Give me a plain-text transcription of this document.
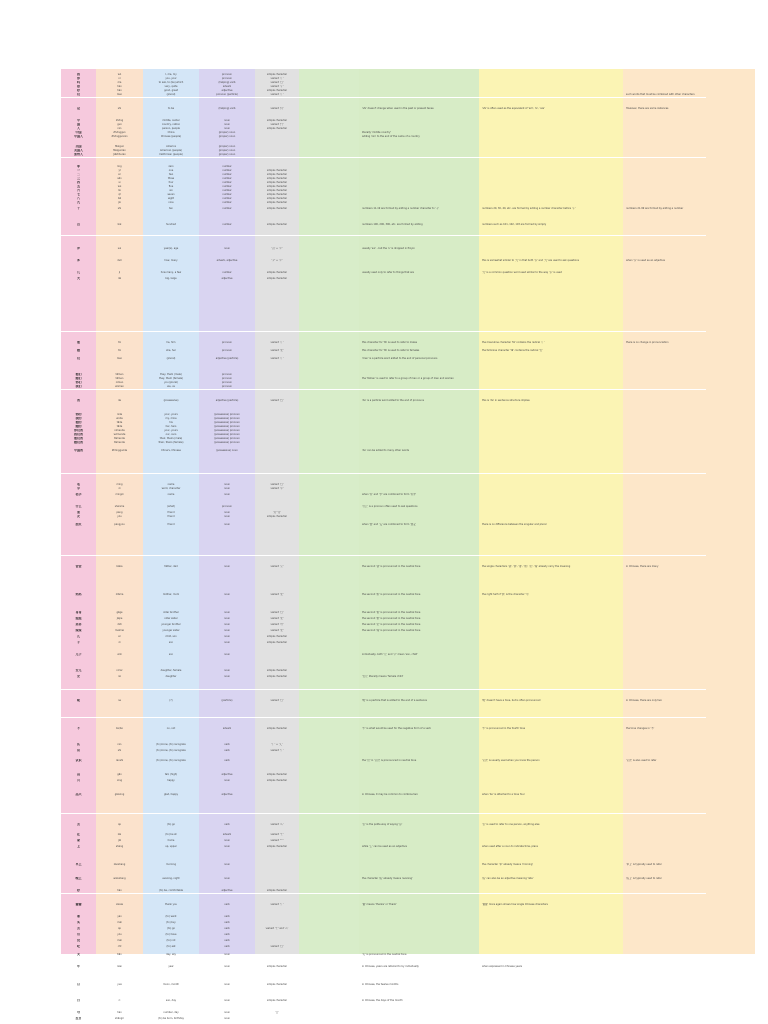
我	wǒ	I, me, my	pronoun	simple character
你	nǐ	you, your	pronoun	variant '亻'
吗	ma	to ask, to (be) which	(helping) verb	variant '口'
很	hěn	very, quite	adverb	variant '彳'
好	hǎo	good, great	adjective	simple character
们	men	(plural)	pronoun (particle)	variant '亻'	such words that must be combined with other characters
是	shì	to be	(helping) verb	variant '日'	'shì' doesn't change when used in the past or present tense	'shì' is often used as the equivalent of 'am', 'is', 'are'	However, there are some instances
中	zhōng	middle, center	noun	simple character
国	guó	country, nation	noun	variant '囗'
人	rén	person, people	noun	simple character
中国	Zhōngguó	China	(proper) noun	literally 'middle country'
中国人	Zhōngguórén	Chinese (people)	(proper) noun	adding 'rén' to the end of the name of a country
美国	Měiguó	America	(proper) noun
美国人	Měiguórén	American (people)	(proper) noun
加州人	Jiāzhōurén	Californian (people)	(proper) noun
零	líng	zero	number
一	yī	one	number	simple character
二	èr	two	number	simple character
三	sān	three	number	simple character
四	sì	four	number	simple character
五	wǔ	five	number	simple character
六	liù	six	number	simple character
七	qī	seven	number	simple character
八	bā	eight	number	simple character
九	jiǔ	nine	number	simple character
十	shí	ten	number	simple character	numbers 11-19 are formed by adding a number character to '十'	numbers 20, 30, 40, etc. are formed by adding a number character before '十'	numbers 21-99 are formed by adding a number
百	bǎi	hundred	number	simple character	numbers 100, 200, 300, etc. are formed by adding	numbers such as 101, 102, 103 are formed by simply
岁	suì	year(s), age	noun	'山' + '夕'	usually 'suì' - but the 'u' is dropped in Pinyin
多	duō	how, many	adverb, adjective	'夕' + '夕'	this is somewhat similar to '几' in that both '多' and '几' are used to ask questions	when '多' is used as an adjective
几	jǐ	how many, a few	number	simple character	usually used only to refer to things that are	'几' is a common question word used similar to the way '多' is used
大	dà	big, large	adjective	simple character
他	tā	he, him	pronoun	variant '亻'	this character for 'tā' is used to refer to males	the masculine character 'tā' contains the radical '亻'	there is no change in pronunciation
她	tā	she, her	pronoun	variant '女'	this character for 'tā' is used to refer to females	the feminine character 'tā' contains the radical '女'
们	men	(plural)	adjective (particle)	variant '亻'	'men' is a particle word added to the end of personal pronouns
他们	tāmen	they, them (male)	pronoun
她们	tāmen	they, them (female)	pronoun	the 'tāmen' is used to refer to a group of men or a group of men and women
你们	nǐmen	you (plural)	pronoun
我们	wǒmen	we, us	pronoun
的	de	(possessive)	adjective (particle)	variant '白'	'de' is a particle word added to the end of pronouns	this is 'de' in sentence structure implies
你的	nǐde	your, yours	(possessive) pronoun
我的	wǒde	my, mine	(possessive) pronoun
他的	tāde	his	(possessive) pronoun
她的	tāde	her, hers	(possessive) pronoun
你们的	nǐmende	your, yours	(possessive) pronoun
我们的	wǒmende	our, ours	(possessive) pronoun
他们的	tāmende	their, theirs (male)	(possessive) pronoun
她们的	tāmende	their, theirs (female)	(possessive) pronoun
中国的	Zhōngguóde	China's, Chinese	(possessive) noun	'de' can be added to many other words
名	míng	name	noun	variant '口'
字	zì	word, character	noun	variant '子'
名字	míngzi	name	noun	when '名' and '字' are combined to form '名字'
什么	shénme	(what)	pronoun	'什么' is a pronoun often used to ask questions
朋	péng	friend	noun	'月' '月'
友	yǒu	friend	noun	simple character
朋友	péngyou	friend	noun	when '朋' and '友' are combined to form '朋友'	there is no difference between the singular and plural
爸爸	bàba	father, dad	noun	variant '父'	the second '爸' is pronounced in the neutral tone	the single characters '爸', '妈', '哥', '姐', '弟', '妹' already carry the meaning	in Chinese, there are many
妈妈	māma	mother, mom	noun	variant '女'	the second '妈' is pronounced in the neutral tone	the right half of '妈' is the character '马'
哥哥	gēge	older brother	noun	variant '口'	the second '哥' is pronounced in the neutral tone
姐姐	jiějie	older sister	noun	variant '女'	the second '姐' is pronounced in the neutral tone
弟弟	dìdi	younger brother	noun	variant '弓'	the second '弟' is pronounced in the neutral tone
妹妹	mèimei	younger sister	noun	variant '女'	the second '妹' is pronounced in the neutral tone
儿	ér	child, son	noun	simple character
子	zǐ	son	noun	simple character
儿子	érzi	son	noun	individually, both '儿' and '子' mean 'son, child'
女儿	nǚ'ér	daughter, female	noun	simple character
女	nǚ	daughter	noun	simple character	'女儿' literally means 'female child'
呢	ne	(?)	(particle)	variant '口'	'呢' is a particle that is added to the end of a sentence	'呢' doesn't have a tone, but is often pronounced	in Chinese, there are only two
不	bù/bú	no, not	adverb	simple character	'不' is what would be used for the negative form of a verb	'不' is pronounced in the fourth tone	the tone changes in '不'
认	rèn	(to) know, (to) recognize	verb	'讠' + '人'
识	shí	(to) know, (to) recognize	verb	variant '讠'
认识	rènshi	(to) know, (to) recognize	verb	the '识' in '认识' is pronounced in neutral tone	'认识' is usually used when you know the person	'认识' is also used to refer
高	gāo	tall, (high)	adjective	simple character
兴	xìng	happy	noun	simple character
高兴	gāoxìng	glad, happy	adjective	in Chinese, it may be common to combine two	when 'bù' is attached to a tone four
去	qù	(to) go	verb	variant '厶'	'去' is the polite way of saying '你'	'去' is used to refer to one person, anything else
在	zài	(to) be at	adverb	variant '土'
家	jiā	home	noun	variant '宀'
上	shàng	up, upper	noun	simple character	while '上' can be used as an adjective	when used after a noun to indicate time, place
早上	zǎoshang	morning	noun	the character '早' already means 'morning'	'早上' is typically used to refer
晚上	wǎnshang	evening, night	noun	the character '晚' already means 'evening'	'晚' can also be an adjective meaning 'late'	'晚上' is typically used to refer
好	hǎo	(to) be, comfortable	adjective	simple character
谢谢	xièxie	thank you	verb	variant '讠'	'谢' means 'thanks' or 'thank'	'谢谢' more again shows how single Chinese characters
要	yào	(to) want	verb
买	mǎi	(to) buy	verb
去	qù	(to) go	verb	variant '土' and '厶'
有	yǒu	(to) have	verb
没	méi	(to) not	verb
吃	chī	(to) eat	verb	variant '口'
天	tiān	day, sky	noun	'天' is pronounced in the neutral tone
年	nián	year	noun	simple character	in Chinese, years are referred to by individually	when expressed in Chinese years
月	yuè	moon, month	noun	simple character	in Chinese, the twelve months
日	rì	sun, day	noun	simple character	in Chinese, the days of the month
号	hào	number, day	noun	'口'
生日	shēngrì	(to) be born, birthday	noun
